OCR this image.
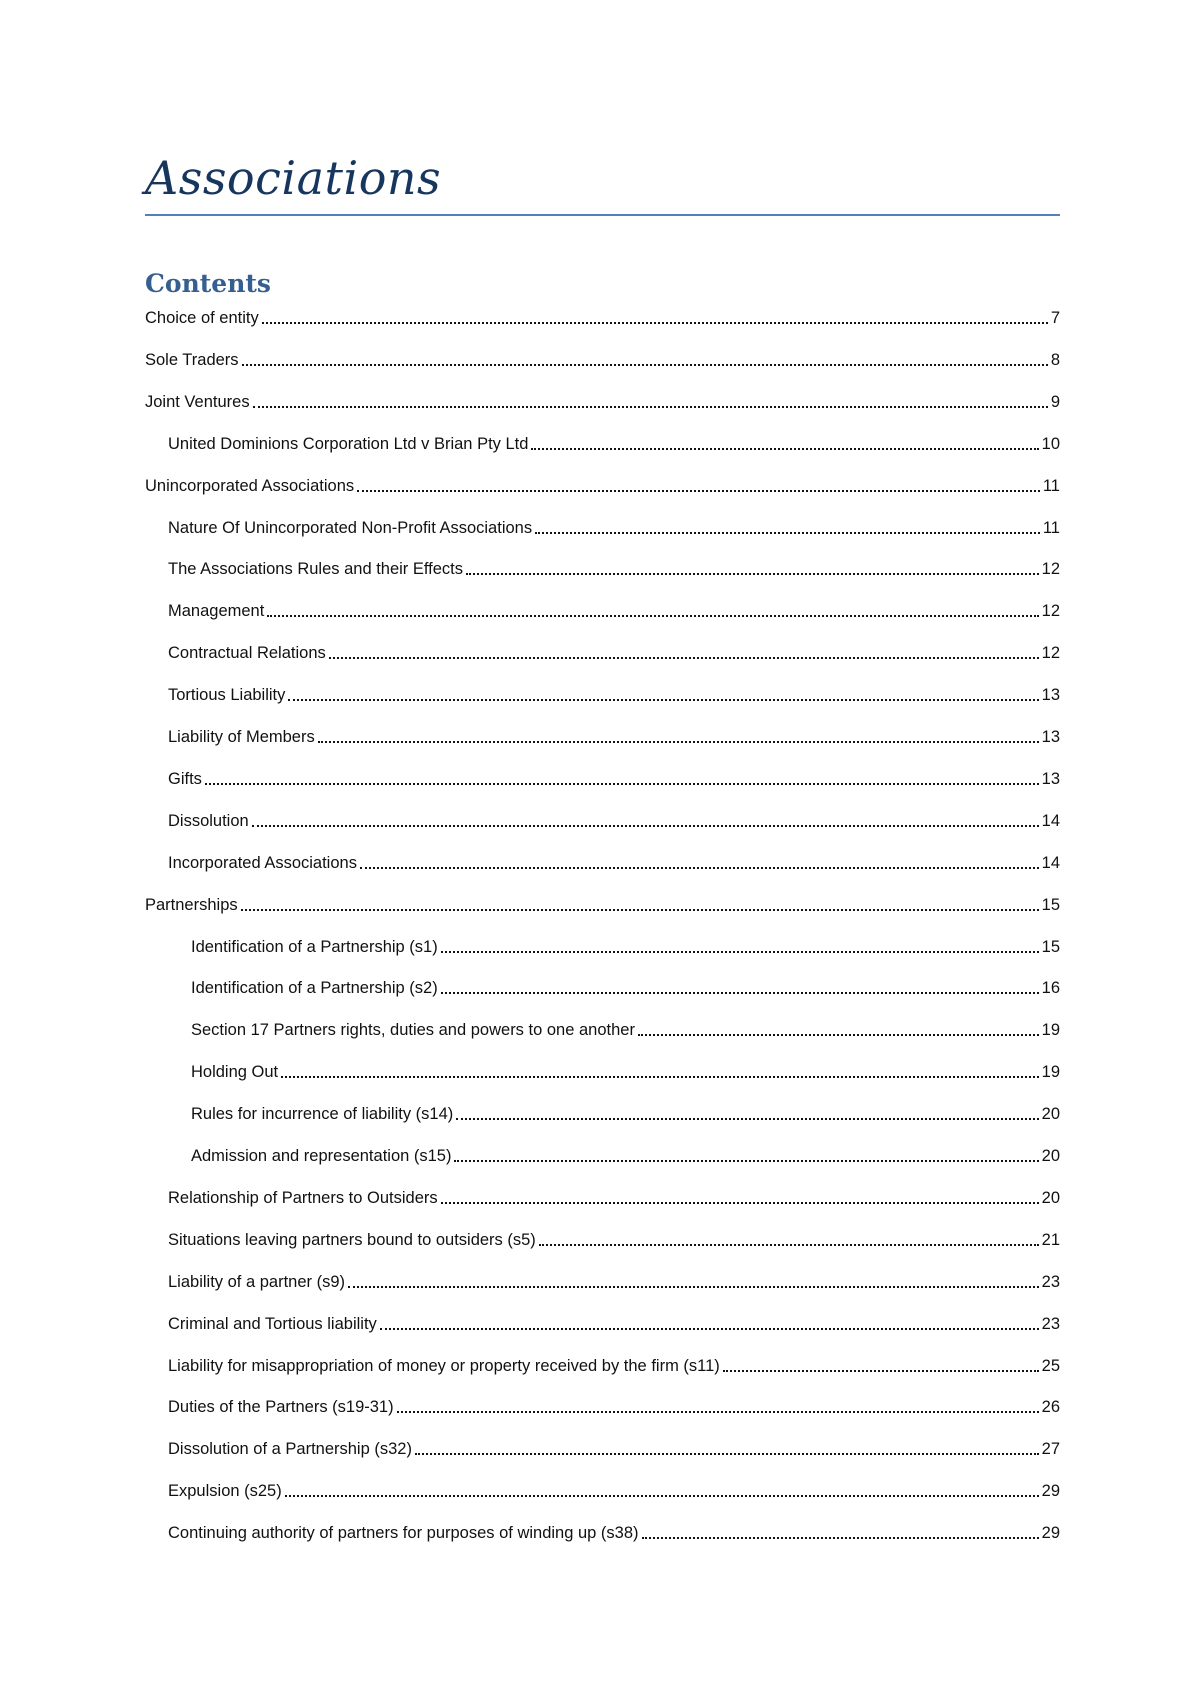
Associations
Contents
Choice of entity	7
Sole Traders	8
Joint Ventures	9
United Dominions Corporation Ltd v Brian Pty Ltd	10
Unincorporated Associations	11
Nature Of Unincorporated Non-Profit Associations	11
The Associations Rules and their Effects	12
Management	12
Contractual Relations	12
Tortious Liability	13
Liability of Members	13
Gifts	13
Dissolution	14
Incorporated Associations	14
Partnerships	15
Identification of a Partnership (s1)	15
Identification of a Partnership (s2)	16
Section 17 Partners rights, duties and powers to one another	19
Holding Out	19
Rules for incurrence of liability (s14)	20
Admission and representation (s15)	20
Relationship of Partners to Outsiders	20
Situations leaving partners bound to outsiders (s5)	21
Liability of a partner (s9)	23
Criminal and Tortious liability	23
Liability for misappropriation of money or property received by the firm (s11)	25
Duties of the Partners (s19-31)	26
Dissolution of a Partnership (s32)	27
Expulsion (s25)	29
Continuing authority of partners for purposes of winding up (s38)	29
